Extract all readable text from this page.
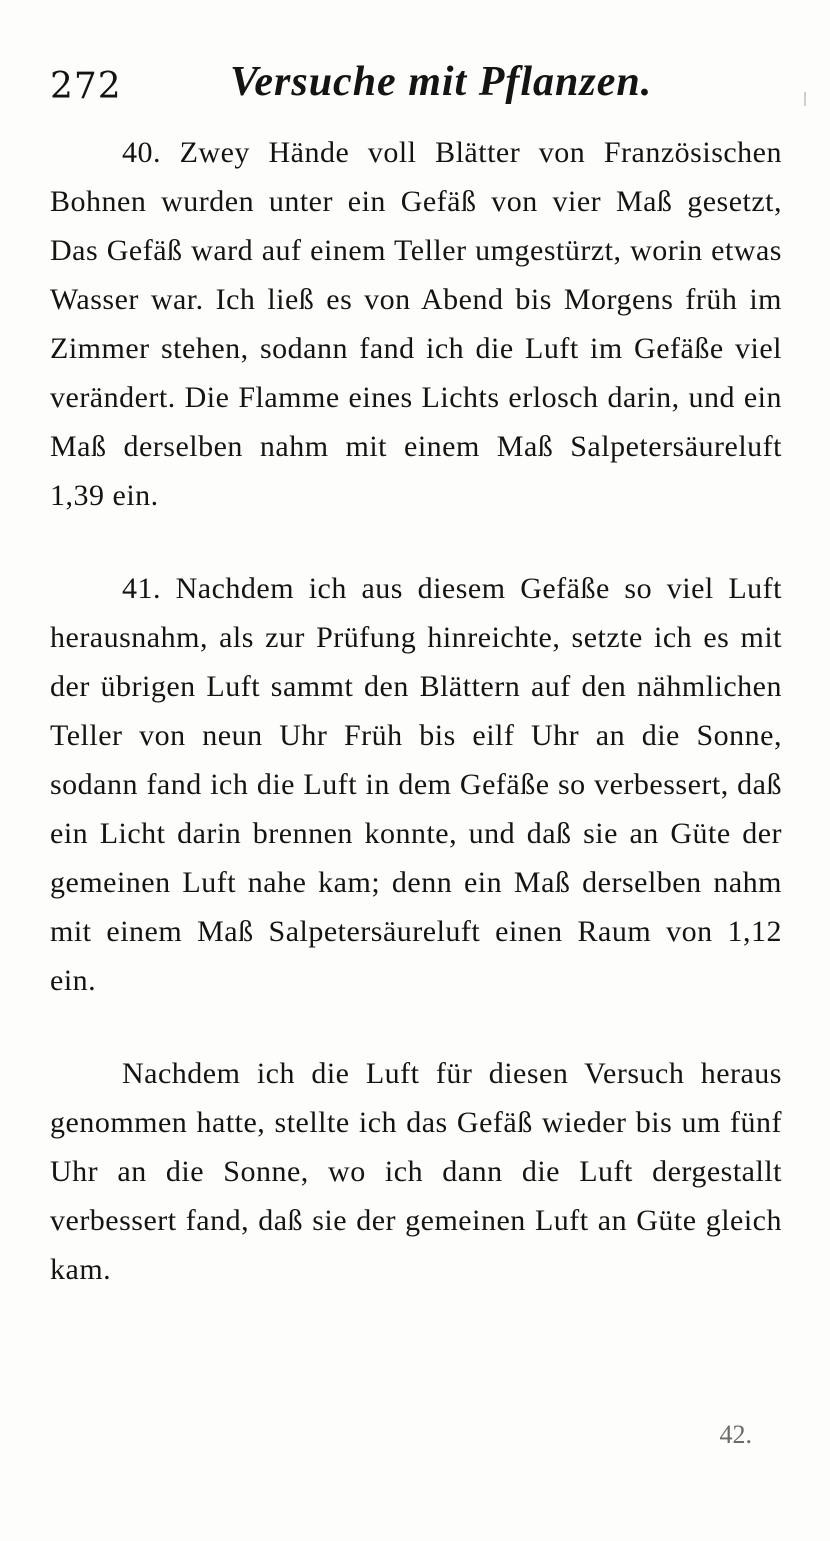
272	Versuche mit Pflanzen.

40. Zwey Hände voll Blätter von Französischen Bohnen wurden unter ein Gefäß von vier Maß gesetzt, Das Gefäß ward auf einem Teller umgestürzt, worin etwas Wasser war. Ich ließ es von Abend bis Morgens früh im Zimmer stehen, sodann fand ich die Luft im Gefäße viel verändert. Die Flamme eines Lichts erlosch darin, und ein Maß derselben nahm mit einem Maß Salpetersäureluft 1,39 ein.

41. Nachdem ich aus diesem Gefäße so viel Luft herausnahm, als zur Prüfung hinreichte, setzte ich es mit der übrigen Luft sammt den Blättern auf den nähmlichen Teller von neun Uhr Früh bis eilf Uhr an die Sonne, sodann fand ich die Luft in dem Gefäße so verbessert, daß ein Licht darin brennen konnte, und daß sie an Güte der gemeinen Luft nahe kam; denn ein Maß derselben nahm mit einem Maß Salpetersäureluft einen Raum von 1,12 ein.

Nachdem ich die Luft für diesen Versuch heraus genommen hatte, stellte ich das Gefäß wieder bis um fünf Uhr an die Sonne, wo ich dann die Luft dergestallt verbessert fand, daß sie der gemeinen Luft an Güte gleich kam.

42.
